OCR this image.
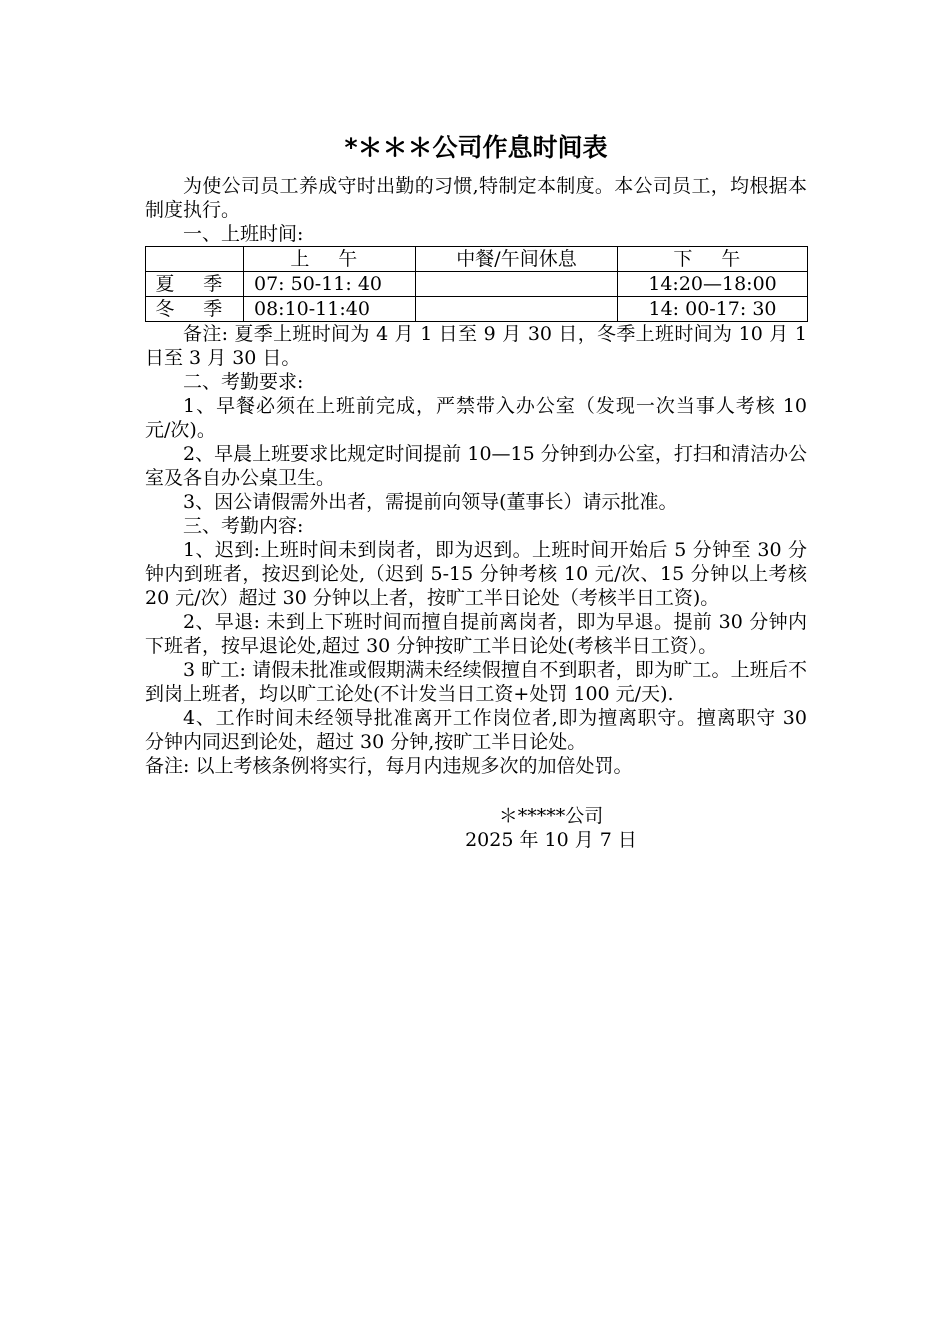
*＊＊＊公司作息时间表

为使公司员工养成守时出勤的习惯,特制定本制度。本公司员工，均根据本制度执行。

一、上班时间:

	上 午	中餐/午间休息	下 午
夏 季	07: 50-11: 40		14:20—18:00
冬 季	08:10-11:40		14: 00-17: 30

备注: 夏季上班时间为 4 月 1 日至 9 月 30 日，冬季上班时间为 10 月 1 日至 3 月 30 日。

二、考勤要求:

1、早餐必须在上班前完成，严禁带入办公室（发现一次当事人考核 10 元/次)。

2、早晨上班要求比规定时间提前 10—15 分钟到办公室，打扫和清洁办公室及各自办公桌卫生。

3、因公请假需外出者，需提前向领导(董事长）请示批准。

三、考勤内容:

1、迟到:上班时间未到岗者，即为迟到。上班时间开始后 5 分钟至 30 分钟内到班者，按迟到论处,（迟到 5-15 分钟考核 10 元/次、15 分钟以上考核 20 元/次）超过 30 分钟以上者，按旷工半日论处（考核半日工资)。

2、早退: 未到上下班时间而擅自提前离岗者，即为早退。提前 30 分钟内下班者，按早退论处,超过 30 分钟按旷工半日论处(考核半日工资）。

3 旷工: 请假未批准或假期满未经续假擅自不到职者，即为旷工。上班后不到岗上班者，均以旷工论处(不计发当日工资+处罚 100 元/天).

4、工作时间未经领导批准离开工作岗位者,即为擅离职守。擅离职守 30 分钟内同迟到论处，超过 30 分钟,按旷工半日论处。

备注: 以上考核条例将实行，每月内违规多次的加倍处罚。

＊*****公司
2025 年 10 月 7 日
